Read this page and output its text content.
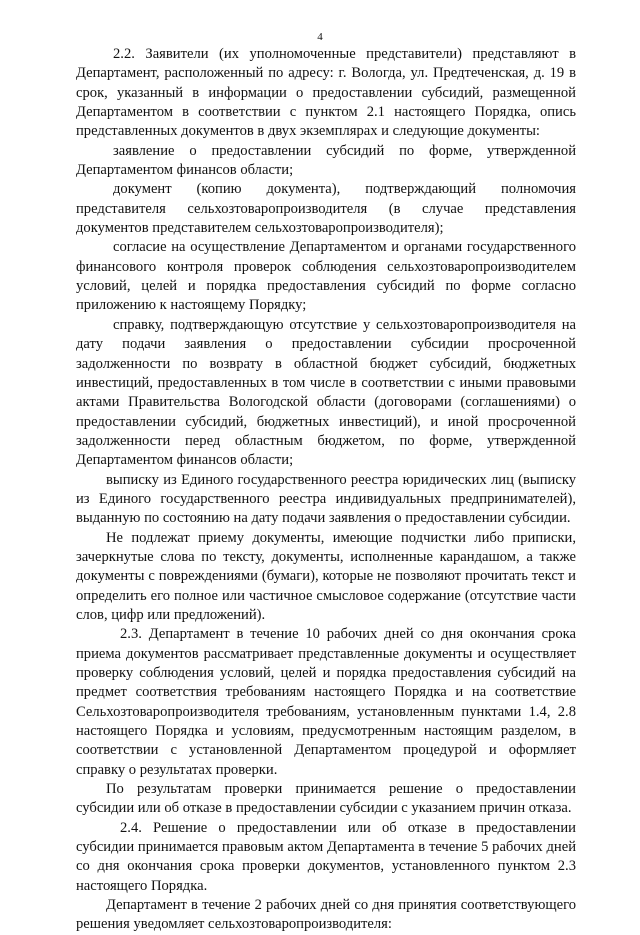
4

2.2. Заявители (их уполномоченные представители) представляют в Департамент, расположенный по адресу: г. Вологда, ул. Предтеченская, д. 19 в срок, указанный в информации о предоставлении субсидий, размещенной Департаментом в соответствии с пунктом 2.1 настоящего Порядка, опись представленных документов в двух экземплярах и следующие документы:

заявление о предоставлении субсидий по форме, утвержденной Департаментом финансов области;

документ (копию документа), подтверждающий полномочия представителя сельхозтоваропроизводителя (в случае представления документов представителем сельхозтоваропроизводителя);

согласие на осуществление Департаментом и органами государственного финансового контроля проверок соблюдения сельхозтоваропроизводителем условий, целей и порядка предоставления субсидий по форме согласно приложению к настоящему Порядку;

справку, подтверждающую отсутствие у сельхозтоваропроизводителя на дату подачи заявления о предоставлении субсидии просроченной задолженности по возврату в областной бюджет субсидий, бюджетных инвестиций, предоставленных в том числе в соответствии с иными правовыми актами Правительства Вологодской области (договорами (соглашениями) о предоставлении субсидий, бюджетных инвестиций), и иной просроченной задолженности перед областным бюджетом, по форме, утвержденной Департаментом финансов области;

выписку из Единого государственного реестра юридических лиц (выписку из Единого государственного реестра индивидуальных предпринимателей), выданную по состоянию на дату подачи заявления о предоставлении субсидии.

Не подлежат приему документы, имеющие подчистки либо приписки, зачеркнутые слова по тексту, документы, исполненные карандашом, а также документы с повреждениями (бумаги), которые не позволяют прочитать текст и определить его полное или частичное смысловое содержание (отсутствие части слов, цифр или предложений).

2.3. Департамент в течение 10 рабочих дней со дня окончания срока приема документов рассматривает представленные документы и осуществляет проверку соблюдения условий, целей и порядка предоставления субсидий на предмет соответствия требованиям настоящего Порядка и на соответствие Сельхозтоваропроизводителя требованиям, установленным пунктами 1.4, 2.8 настоящего Порядка и условиям, предусмотренным настоящим разделом, в соответствии с установленной Департаментом процедурой и оформляет справку о результатах проверки.

По результатам проверки принимается решение о предоставлении субсидии или об отказе в предоставлении субсидии с указанием причин отказа.

2.4. Решение о предоставлении или об отказе в предоставлении субсидии принимается правовым актом Департамента в течение 5 рабочих дней со дня окончания срока проверки документов, установленного пунктом 2.3 настоящего Порядка.

Департамент в течение 2 рабочих дней со дня принятия соответствующего решения уведомляет сельхозтоваропроизводителя:
